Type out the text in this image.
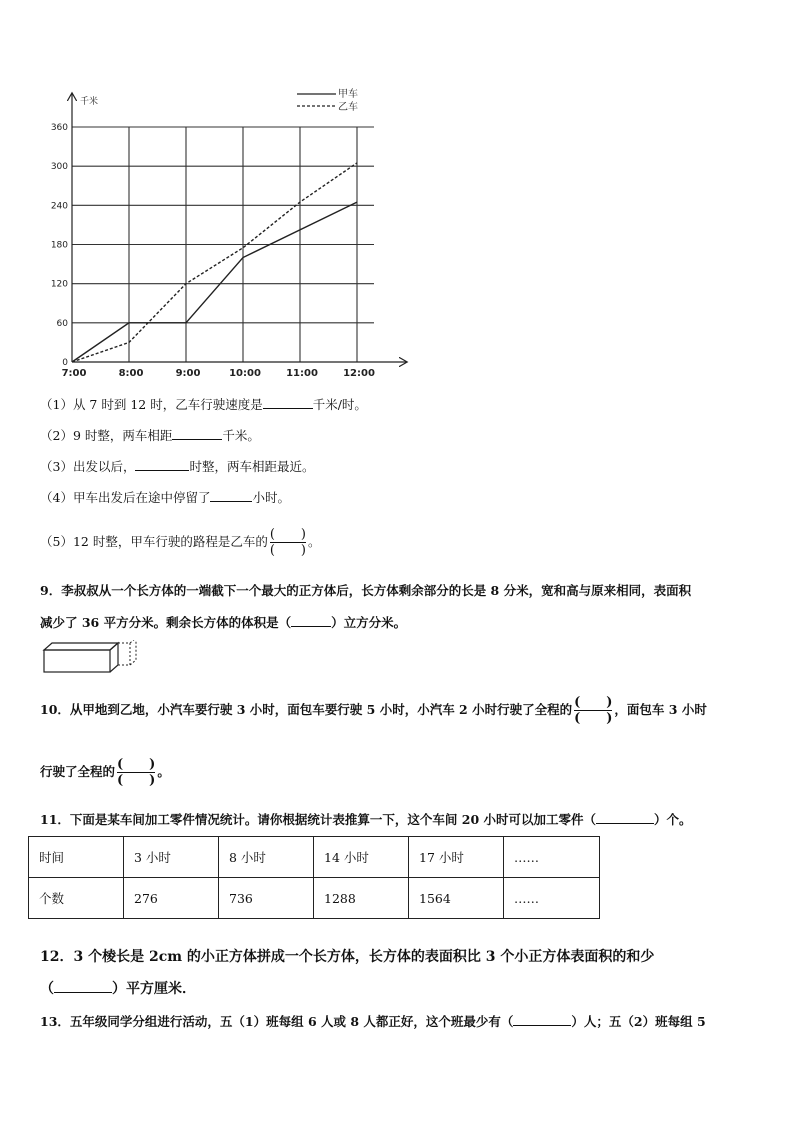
千米
0
60
120
180
240
300
360
7:00	8:00	9:00	10:00	11:00	12:00
甲车
乙车
（1）从 7 时到 12 时，乙车行驶速度是	千米/时。
（2）9 时整，两车相距	千米。
（3）出发以后，	时整，两车相距最近。
（4）甲车出发后在途中停留了	小时。
（5）12 时整，甲车行驶的路程是乙车的 $\frac{( )}{( )}$ 。
9．李叔叔从一个长方体的一端截下一个最大的正方体后，长方体剩余部分的长是 8 分米，宽和高与原来相同，表面积
减少了 36 平方分米。剩余长方体的体积是（	）立方分米。
10．从甲地到乙地，小汽车要行驶 3 小时，面包车要行驶 5 小时，小汽车 2 小时行驶了全程的 $\frac{( )}{( )}$ ，面包车 3 小时
行驶了全程的 $\frac{( )}{( )}$ 。
11．下面是某车间加工零件情况统计。请你根据统计表推算一下，这个车间 20 小时可以加工零件（	）个。
时间	3 小时	8 小时	14 小时	17 小时	……
个数	276	736	1288	1564	……
12．3 个棱长是 2cm 的小正方体拼成一个长方体，长方体的表面积比 3 个小正方体表面积的和少
（	）平方厘米．
13．五年级同学分组进行活动，五（1）班每组 6 人或 8 人都正好，这个班最少有（	）人；五（2）班每组 5
